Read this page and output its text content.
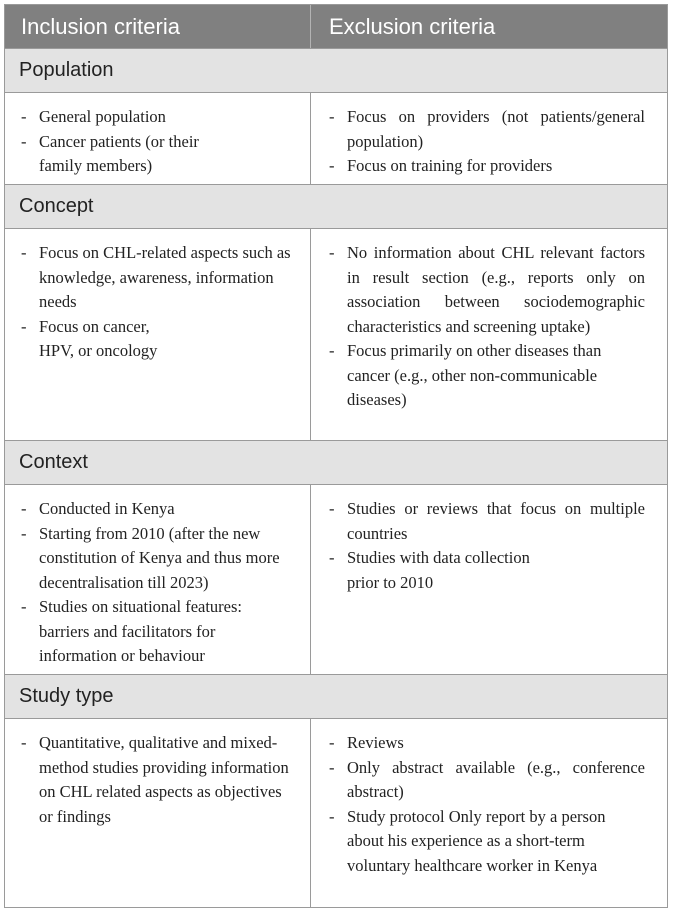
Inclusion criteria	Exclusion criteria
Population
- General population
- Cancer patients (or their family members)
- Focus on providers (not patients/general population)
- Focus on training for providers
Concept
- Focus on CHL-related aspects such as knowledge, awareness, information needs
- Focus on cancer, HPV, or oncology
- No information about CHL relevant factors in result section (e.g., reports only on association between sociodemographic characteristics and screening uptake)
- Focus primarily on other diseases than cancer (e.g., other non-communicable diseases)
Context
- Conducted in Kenya
- Starting from 2010 (after the new constitution of Kenya and thus more decentralisation till 2023)
- Studies on situational features: barriers and facilitators for information or behaviour
- Studies or reviews that focus on multiple countries
- Studies with data collection prior to 2010
Study type
- Quantitative, qualitative and mixed-method studies providing information on CHL related aspects as objectives or findings
- Reviews
- Only abstract available (e.g., conference abstract)
- Study protocol Only report by a person about his experience as a short-term voluntary healthcare worker in Kenya
